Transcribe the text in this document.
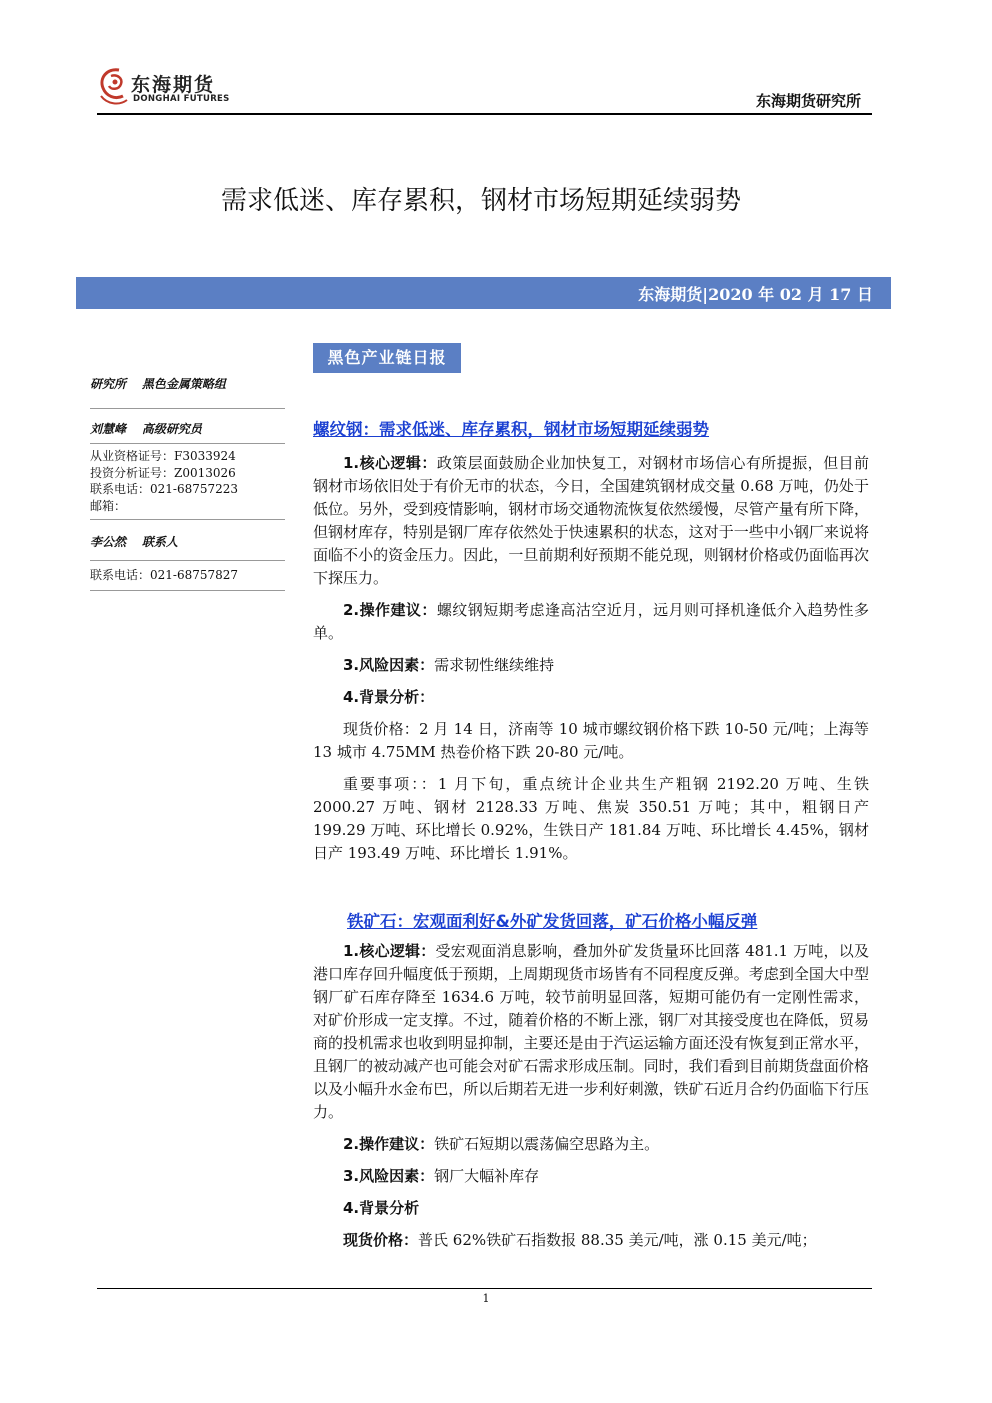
东海期货
DONGHAI FUTURES	东海期货研究所
需求低迷、库存累积，钢材市场短期延续弱势
东海期货|2020 年 02 月 17 日
黑色产业链日报
研究所 黑色金属策略组
刘慧峰 高级研究员
从业资格证号：F3033924
投资分析证号：Z0013026
联系电话：021-68757223
邮箱：
李公然 联系人
联系电话：021-68757827
螺纹钢：需求低迷、库存累积，钢材市场短期延续弱势

1.核心逻辑：政策层面鼓励企业加快复工，对钢材市场信心有所提振，但目前钢材市场依旧处于有价无市的状态，今日，全国建筑钢材成交量 0.68 万吨，仍处于低位。另外，受到疫情影响，钢材市场交通物流恢复依然缓慢，尽管产量有所下降，但钢材库存，特别是钢厂库存依然处于快速累积的状态，这对于一些中小钢厂来说将面临不小的资金压力。因此，一旦前期利好预期不能兑现，则钢材价格或仍面临再次下探压力。

2.操作建议：螺纹钢短期考虑逢高沽空近月，远月则可择机逢低介入趋势性多单。

3.风险因素：需求韧性继续维持

4.背景分析：

现货价格：2 月 14 日，济南等 10 城市螺纹钢价格下跌 10-50 元/吨；上海等 13 城市 4.75MM 热卷价格下跌 20-80 元/吨。

重要事项：：1 月下旬，重点统计企业共生产粗钢 2192.20 万吨、生铁 2000.27 万吨、钢材 2128.33 万吨、焦炭 350.51 万吨；其中，粗钢日产 199.29 万吨、环比增长 0.92%，生铁日产 181.84 万吨、环比增长 4.45%，钢材日产 193.49 万吨、环比增长 1.91%。

铁矿石：宏观面利好&外矿发货回落，矿石价格小幅反弹

1.核心逻辑：受宏观面消息影响，叠加外矿发货量环比回落 481.1 万吨，以及港口库存回升幅度低于预期，上周期现货市场皆有不同程度反弹。考虑到全国大中型钢厂矿石库存降至 1634.6 万吨，较节前明显回落，短期可能仍有一定刚性需求，对矿价形成一定支撑。不过，随着价格的不断上涨，钢厂对其接受度也在降低，贸易商的投机需求也收到明显抑制，主要还是由于汽运运输方面还没有恢复到正常水平，且钢厂的被动减产也可能会对矿石需求形成压制。同时，我们看到目前期货盘面价格以及小幅升水金布巴，所以后期若无进一步利好刺激，铁矿石近月合约仍面临下行压力。

2.操作建议：铁矿石短期以震荡偏空思路为主。

3.风险因素：钢厂大幅补库存

4.背景分析

现货价格：普氏 62%铁矿石指数报 88.35 美元/吨，涨 0.15 美元/吨；

1
